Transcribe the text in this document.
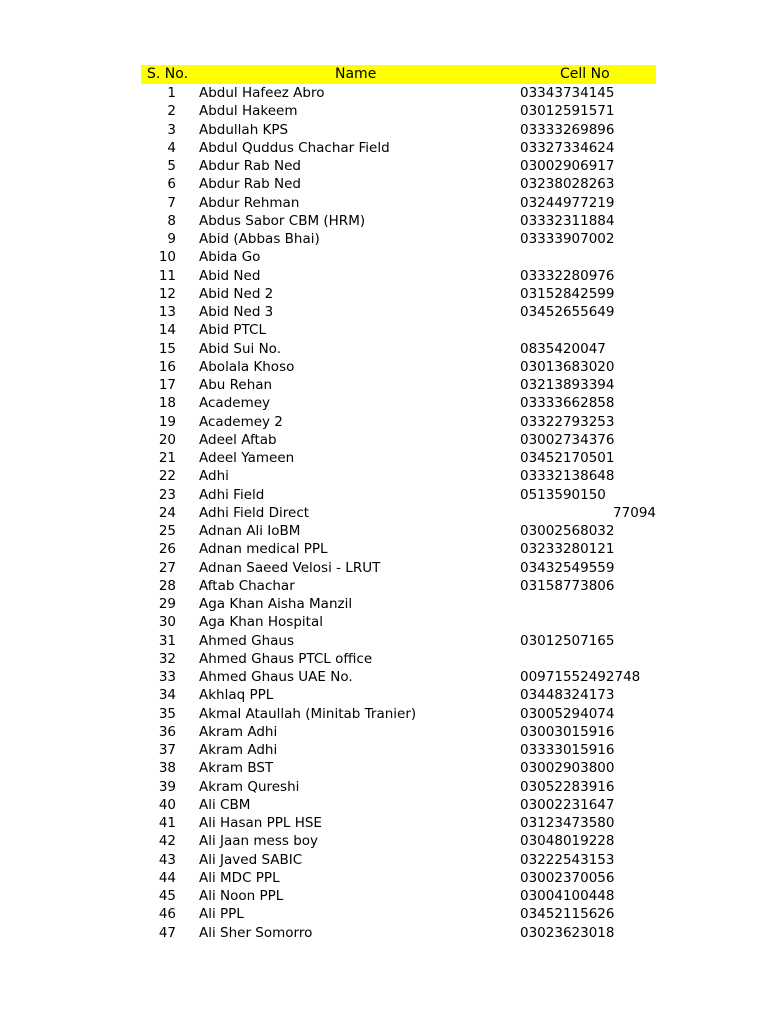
S. No.	Name	Cell No
1 Abdul Hafeez Abro	03343734145
2 Abdul Hakeem	03012591571
3 Abdullah KPS	03333269896
4 Abdul Quddus Chachar Field	03327334624
5 Abdur Rab Ned	03002906917
6 Abdur Rab Ned	03238028263
7 Abdur Rehman	03244977219
8 Abdus Sabor CBM (HRM)	03332311884
9 Abid (Abbas Bhai)	03333907002
10 Abida Go
11 Abid Ned	03332280976
12 Abid Ned 2	03152842599
13 Abid Ned 3	03452655649
14 Abid PTCL
15 Abid Sui No.	0835420047
16 Abolala Khoso	03013683020
17 Abu Rehan	03213893394
18 Academey	03333662858
19 Academey 2	03322793253
20 Adeel Aftab	03002734376
21 Adeel Yameen	03452170501
22 Adhi	03332138648
23 Adhi Field	0513590150
24 Adhi Field Direct	77094
25 Adnan Ali IoBM	03002568032
26 Adnan medical PPL	03233280121
27 Adnan Saeed Velosi - LRUT	03432549559
28 Aftab Chachar	03158773806
29 Aga Khan Aisha Manzil
30 Aga Khan Hospital
31 Ahmed Ghaus	03012507165
32 Ahmed Ghaus PTCL office
33 Ahmed Ghaus UAE No.	00971552492748
34 Akhlaq PPL	03448324173
35 Akmal Ataullah (Minitab Tranier)	03005294074
36 Akram Adhi	03003015916
37 Akram Adhi	03333015916
38 Akram BST	03002903800
39 Akram Qureshi	03052283916
40 Ali CBM	03002231647
41 Ali Hasan PPL HSE	03123473580
42 Ali Jaan mess boy	03048019228
43 Ali Javed SABIC	03222543153
44 Ali MDC PPL	03002370056
45 Ali Noon PPL	03004100448
46 Ali PPL	03452115626
47 Ali Sher Somorro	03023623018
